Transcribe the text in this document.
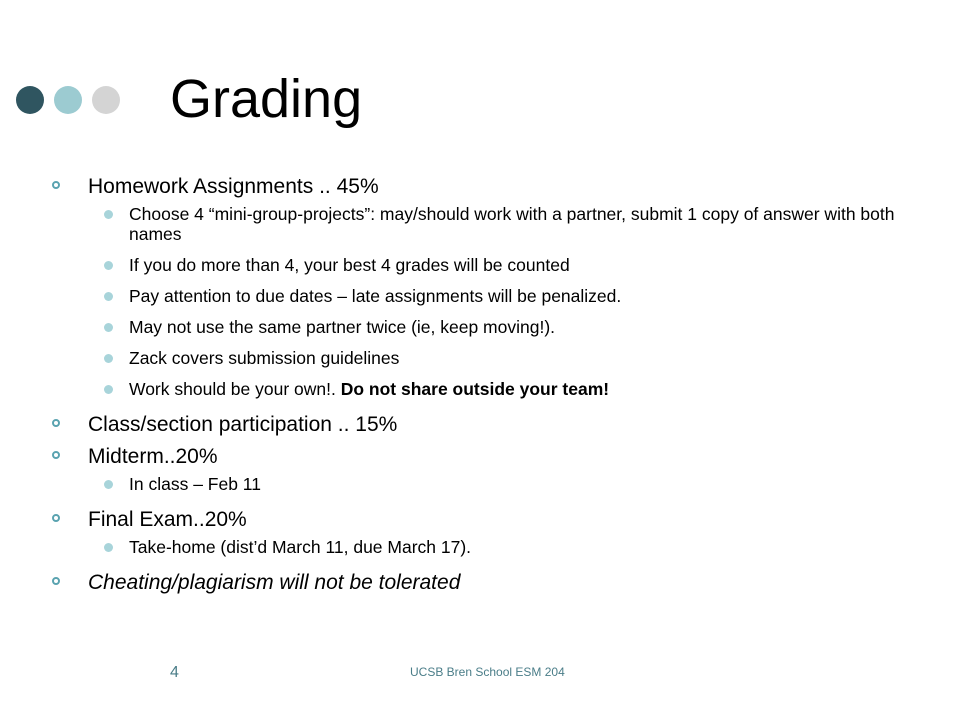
Grading
Homework Assignments .. 45%
Choose 4 “mini-group-projects”: may/should work with a partner, submit 1 copy of answer with both names
If you do more than 4, your best 4 grades will be counted
Pay attention to due dates – late assignments will be penalized.
May not use the same partner twice (ie, keep moving!).
Zack covers submission guidelines
Work should be your own!. Do not share outside your team!
Class/section participation .. 15%
Midterm..20%
In class – Feb 11
Final Exam..20%
Take-home (dist’d March 11, due March 17).
Cheating/plagiarism will not be tolerated
4	UCSB Bren School ESM 204
